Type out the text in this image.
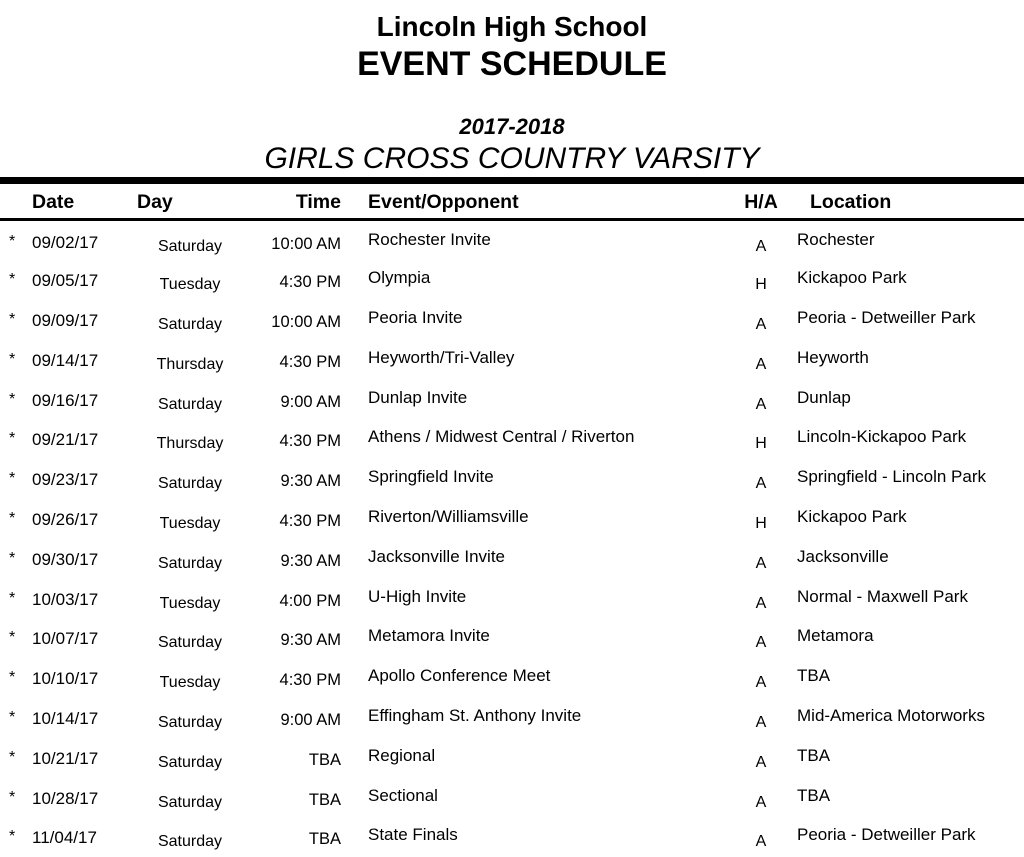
Lincoln High School
EVENT SCHEDULE
2017-2018
GIRLS CROSS COUNTRY VARSITY
	Date	Day	Time	Event/Opponent	H/A	Location
*	09/02/17	Saturday	10:00 AM	Rochester Invite	A	Rochester
*	09/05/17	Tuesday	4:30 PM	Olympia	H	Kickapoo Park
*	09/09/17	Saturday	10:00 AM	Peoria Invite	A	Peoria - Detweiller Park
*	09/14/17	Thursday	4:30 PM	Heyworth/Tri-Valley	A	Heyworth
*	09/16/17	Saturday	9:00 AM	Dunlap Invite	A	Dunlap
*	09/21/17	Thursday	4:30 PM	Athens / Midwest Central / Riverton	H	Lincoln-Kickapoo Park
*	09/23/17	Saturday	9:30 AM	Springfield Invite	A	Springfield - Lincoln Park
*	09/26/17	Tuesday	4:30 PM	Riverton/Williamsville	H	Kickapoo Park
*	09/30/17	Saturday	9:30 AM	Jacksonville Invite	A	Jacksonville
*	10/03/17	Tuesday	4:00 PM	U-High Invite	A	Normal - Maxwell Park
*	10/07/17	Saturday	9:30 AM	Metamora Invite	A	Metamora
*	10/10/17	Tuesday	4:30 PM	Apollo Conference Meet	A	TBA
*	10/14/17	Saturday	9:00 AM	Effingham St. Anthony Invite	A	Mid-America Motorworks
*	10/21/17	Saturday	TBA	Regional	A	TBA
*	10/28/17	Saturday	TBA	Sectional	A	TBA
*	11/04/17	Saturday	TBA	State Finals	A	Peoria - Detweiller Park
